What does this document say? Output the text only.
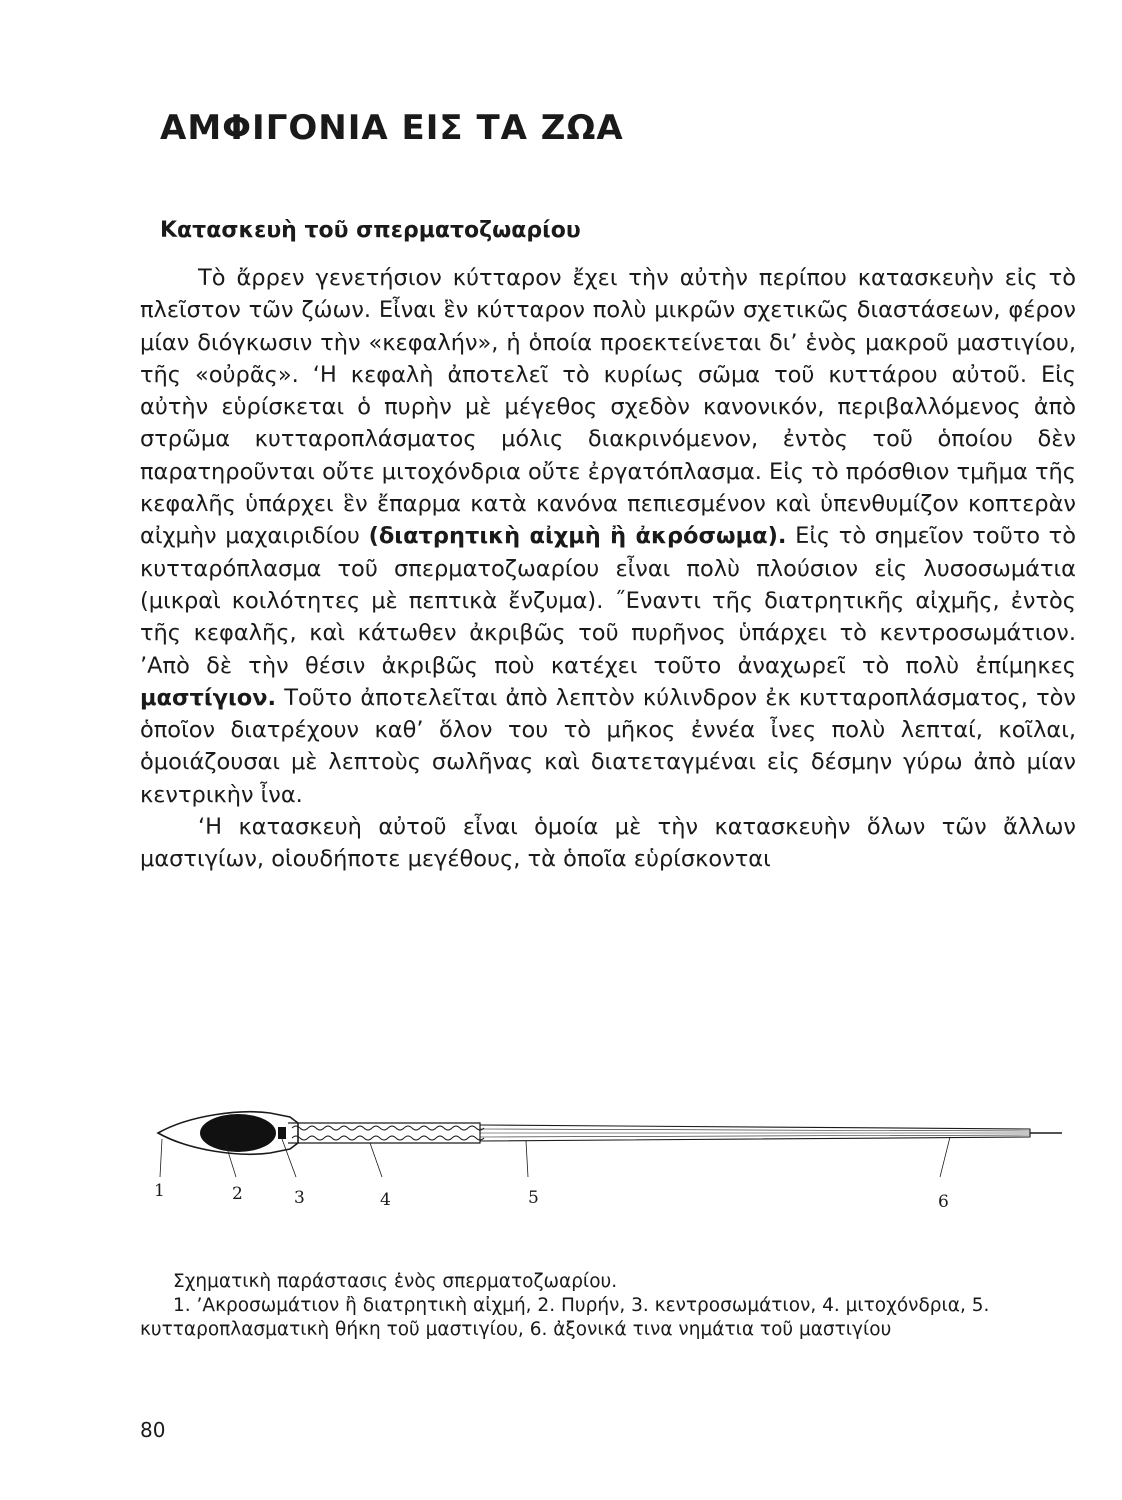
ΑΜΦΙΓΟΝΙΑ ΕΙΣ ΤΑ ΖΩΑ
Κατασκευὴ τοῦ σπερματοζωαρίου

Τὸ ἄρρεν γενετήσιον κύτταρον ἔχει τὴν αὐτὴν περίπου κατασκευὴν εἰς τὸ πλεῖστον τῶν ζώων. Εἶναι ἓν κύτταρον πολὺ μικρῶν σχετικῶς διαστάσεων, φέρον μίαν διόγκωσιν τὴν «κεφαλήν», ἡ ὁποία προεκτείνεται δι’ ἑνὸς μακροῦ μαστιγίου, τῆς «οὐρᾶς». ‘Η κεφαλὴ ἀποτελεῖ τὸ κυρίως σῶμα τοῦ κυττάρου αὐτοῦ. Εἰς αὐτὴν εὑρίσκεται ὁ πυρὴν μὲ μέγεθος σχεδὸν κανονικόν, περιβαλλόμενος ἀπὸ στρῶμα κυτταροπλάσματος μόλις διακρινόμενον, ἐντὸς τοῦ ὁποίου δὲν παρατηροῦνται οὔτε μιτοχόνδρια οὔτε ἐργατόπλασμα. Εἰς τὸ πρόσθιον τμῆμα τῆς κεφαλῆς ὑπάρχει ἓν ἔπαρμα κατὰ κανόνα πεπιεσμένον καὶ ὑπενθυμίζον κοπτερὰν αἰχμὴν μαχαιριδίου (διατρητικὴ αἰχμὴ ἢ ἀκρόσωμα). Εἰς τὸ σημεῖον τοῦτο τὸ κυτταρόπλασμα τοῦ σπερματοζωαρίου εἶναι πολὺ πλούσιον εἰς λυσοσωμάτια (μικραὶ κοιλότητες μὲ πεπτικὰ ἔνζυμα). ˝Εναντι τῆς διατρητικῆς αἰχμῆς, ἐντὸς τῆς κεφαλῆς, καὶ κάτωθεν ἀκριβῶς τοῦ πυρῆνος ὑπάρχει τὸ κεντροσωμάτιον. ’Απὸ δὲ τὴν θέσιν ἀκριβῶς ποὺ κατέχει τοῦτο ἀναχωρεῖ τὸ πολὺ ἐπίμηκες μαστίγιον. Τοῦτο ἀποτελεῖται ἀπὸ λεπτὸν κύλινδρον ἐκ κυτταροπλάσματος, τὸν ὁποῖον διατρέχουν καθ’ ὅλον του τὸ μῆκος ἐννέα ἶνες πολὺ λεπταί, κοῖλαι, ὁμοιάζουσαι μὲ λεπτοὺς σωλῆνας καὶ διατεταγμέναι εἰς δέσμην γύρω ἀπὸ μίαν κεντρικὴν ἶνα.

‘Η κατασκευὴ αὐτοῦ εἶναι ὁμοία μὲ τὴν κατασκευὴν ὅλων τῶν ἄλλων μαστιγίων, οἱουδήποτε μεγέθους, τὰ ὁποῖα εὑρίσκονται

1	2	3	4	5	6
Σχηματικὴ παράστασις ἑνὸς σπερματοζωαρίου.
1. ’Ακροσωμάτιον ἢ διατρητικὴ αἰχμή, 2. Πυρήν, 3. κεντροσωμάτιον, 4. μιτοχόνδρια, 5. κυτταροπλασματικὴ θήκη τοῦ μαστιγίου, 6. ἀξονικά τινα νημάτια τοῦ μαστιγίου
80
